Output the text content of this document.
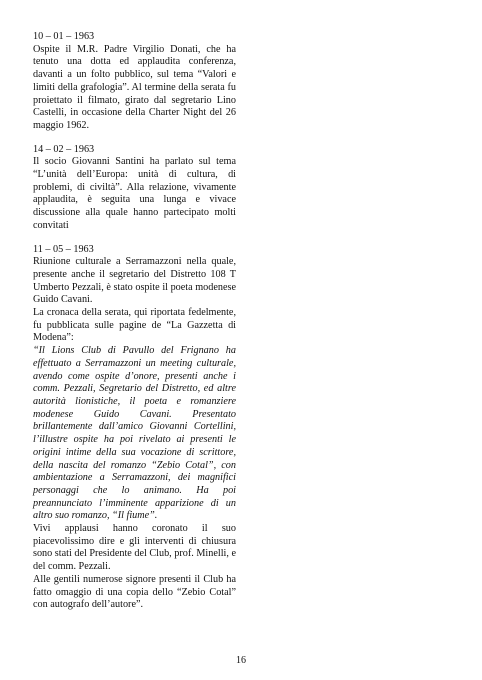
10 – 01 – 1963

Ospite il M.R. Padre Virgilio Donati, che ha tenuto una dotta ed applaudita conferenza, davanti a un folto pubblico, sul tema “Valori e limiti della grafologia”. Al termine della serata fu proiettato il filmato, girato dal segretario Lino Castelli, in occasione della Charter Night del 26 maggio 1962.

14 – 02 – 1963

Il socio Giovanni Santini ha parlato sul tema “L’unità dell’Europa: unità di cultura, di problemi, di civiltà”. Alla relazione, vivamente applaudita, è seguita una lunga e vivace discussione alla quale hanno partecipato molti convitati

11 – 05 – 1963

Riunione culturale a Serramazzoni nella quale, presente anche il segretario del Distretto 108 T Umberto Pezzali, è stato ospite il poeta modenese Guido Cavani.

La cronaca della serata, qui riportata fedelmente, fu pubblicata sulle pagine de “La Gazzetta di Modena”:

“Il Lions Club di Pavullo del Frignano ha effettuato a Serramazzoni un meeting culturale, avendo come ospite d’onore, presenti anche i comm. Pezzali, Segretario del Distretto, ed altre autorità lionistiche, il poeta e romanziere modenese Guido Cavani. Presentato brillantemente dall’amico Giovanni Cortellini, l’illustre ospite ha poi rivelato ai presenti le origini intime della sua vocazione di scrittore, della nascita del romanzo “Zebio Cotal”, con ambientazione a Serramazzoni, dei magnifici personaggi che lo animano. Ha poi preannunciato l’imminente apparizione di un altro suo romanzo, “Il fiume”.

Vivi applausi hanno coronato il suo piacevolissimo dire e gli interventi di chiusura sono stati del Presidente del Club, prof. Minelli, e del comm. Pezzali.

Alle gentili numerose signore presenti il Club ha fatto omaggio di una copia dello “Zebio Cotal” con autografo dell’autore”.

16
